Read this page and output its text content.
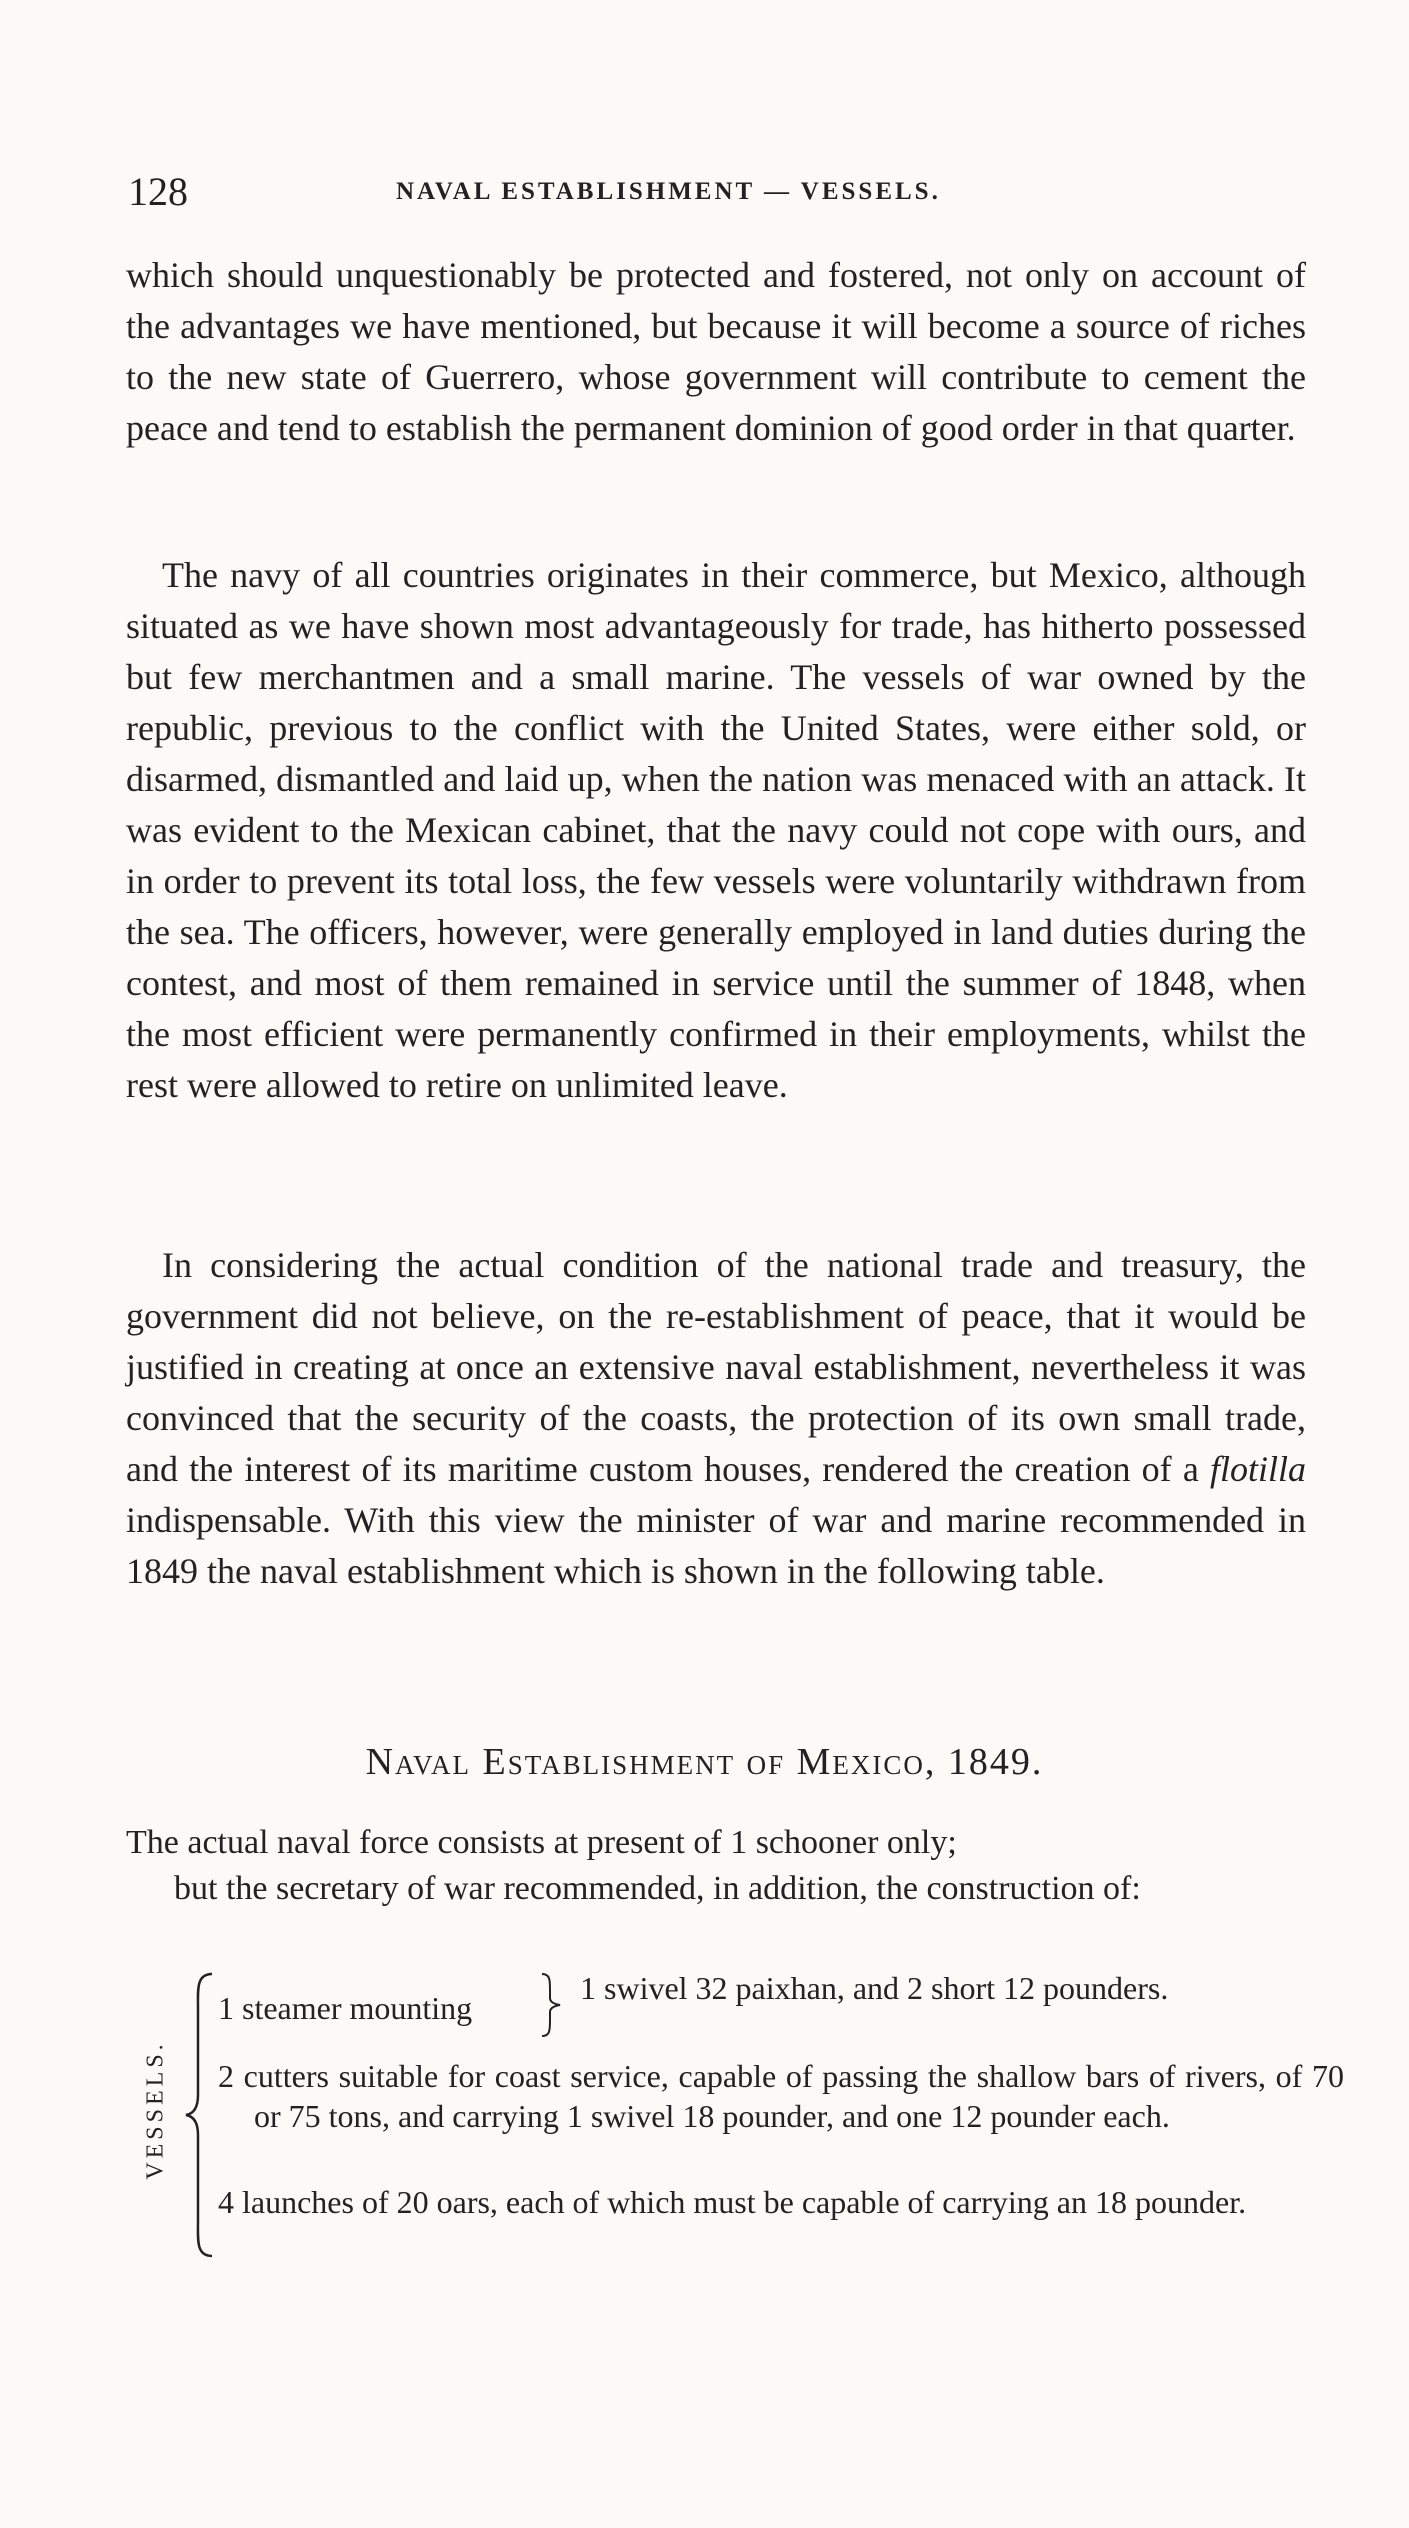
128	NAVAL ESTABLISHMENT — VESSELS.

which should unquestionably be protected and fostered, not only on account of the advantages we have mentioned, but because it will become a source of riches to the new state of Guerrero, whose government will contribute to cement the peace and tend to establish the permanent dominion of good order in that quarter.

The navy of all countries originates in their commerce, but Mexico, although situated as we have shown most advantageously for trade, has hitherto possessed but few merchantmen and a small marine. The vessels of war owned by the republic, previous to the conflict with the United States, were either sold, or disarmed, dismantled and laid up, when the nation was menaced with an attack. It was evident to the Mexican cabinet, that the navy could not cope with ours, and in order to prevent its total loss, the few vessels were voluntarily withdrawn from the sea. The officers, however, were generally employed in land duties during the contest, and most of them remained in service until the summer of 1848, when the most efficient were permanently confirmed in their employments, whilst the rest were allowed to retire on unlimited leave.

In considering the actual condition of the national trade and treasury, the government did not believe, on the re-establishment of peace, that it would be justified in creating at once an extensive naval establishment, nevertheless it was convinced that the security of the coasts, the protection of its own small trade, and the interest of its maritime custom houses, rendered the creation of a flotilla indispensable. With this view the minister of war and marine recommended in 1849 the naval establishment which is shown in the following table.

Naval Establishment of Mexico, 1849.
The actual naval force consists at present of 1 schooner only;
but the secretary of war recommended, in addition, the construction of:
VESSELS.
1 steamer mounting
1 swivel 32 paixhan, and 2 short 12 pounders.
2 cutters suitable for coast service, capable of passing the shallow bars of rivers, of 70 or 75 tons, and carrying 1 swivel 18 pounder, and one 12 pounder each.
4 launches of 20 oars, each of which must be capable of carrying an 18 pounder.
